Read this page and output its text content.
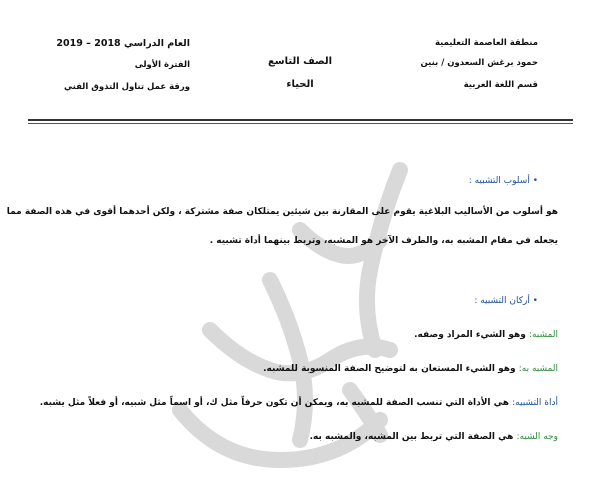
منطقة العاصمة التعليمية
حمود برغش السعدون / بنين
قسم اللغة العربية
الصف التاسع
الحياء
العام الدراسي 2018 – 2019
الفترة الأولى
ورقة عمل تناول التذوق الفني
• أسلوب التشبيه :
هو أسلوب من الأساليب البلاغية يقوم على المقارنة بين شيئين يمتلكان صفة مشتركة ، ولكن أحدهما أقوى في هذه الصفة مما
يجعله في مقام المشبه به، والطرف الآخر هو المشبه، وتربط بينهما أداة تشبيه .
• أركان التشبيه :
المشبه: وهو الشيء المراد وصفه.
المشبه به: وهو الشيء المستعان به لتوضيح الصفة المنسوبة للمشبه.
أداة التشبيه: هي الأداة التي تنسب الصفة للمشبه به، ويمكن أن تكون حرفاً مثل ك، أو اسماً مثل شبيه، أو فعلاً مثل يشبه.
وجه الشبه: هي الصفة التي تربط بين المشبه، والمشبه به.
